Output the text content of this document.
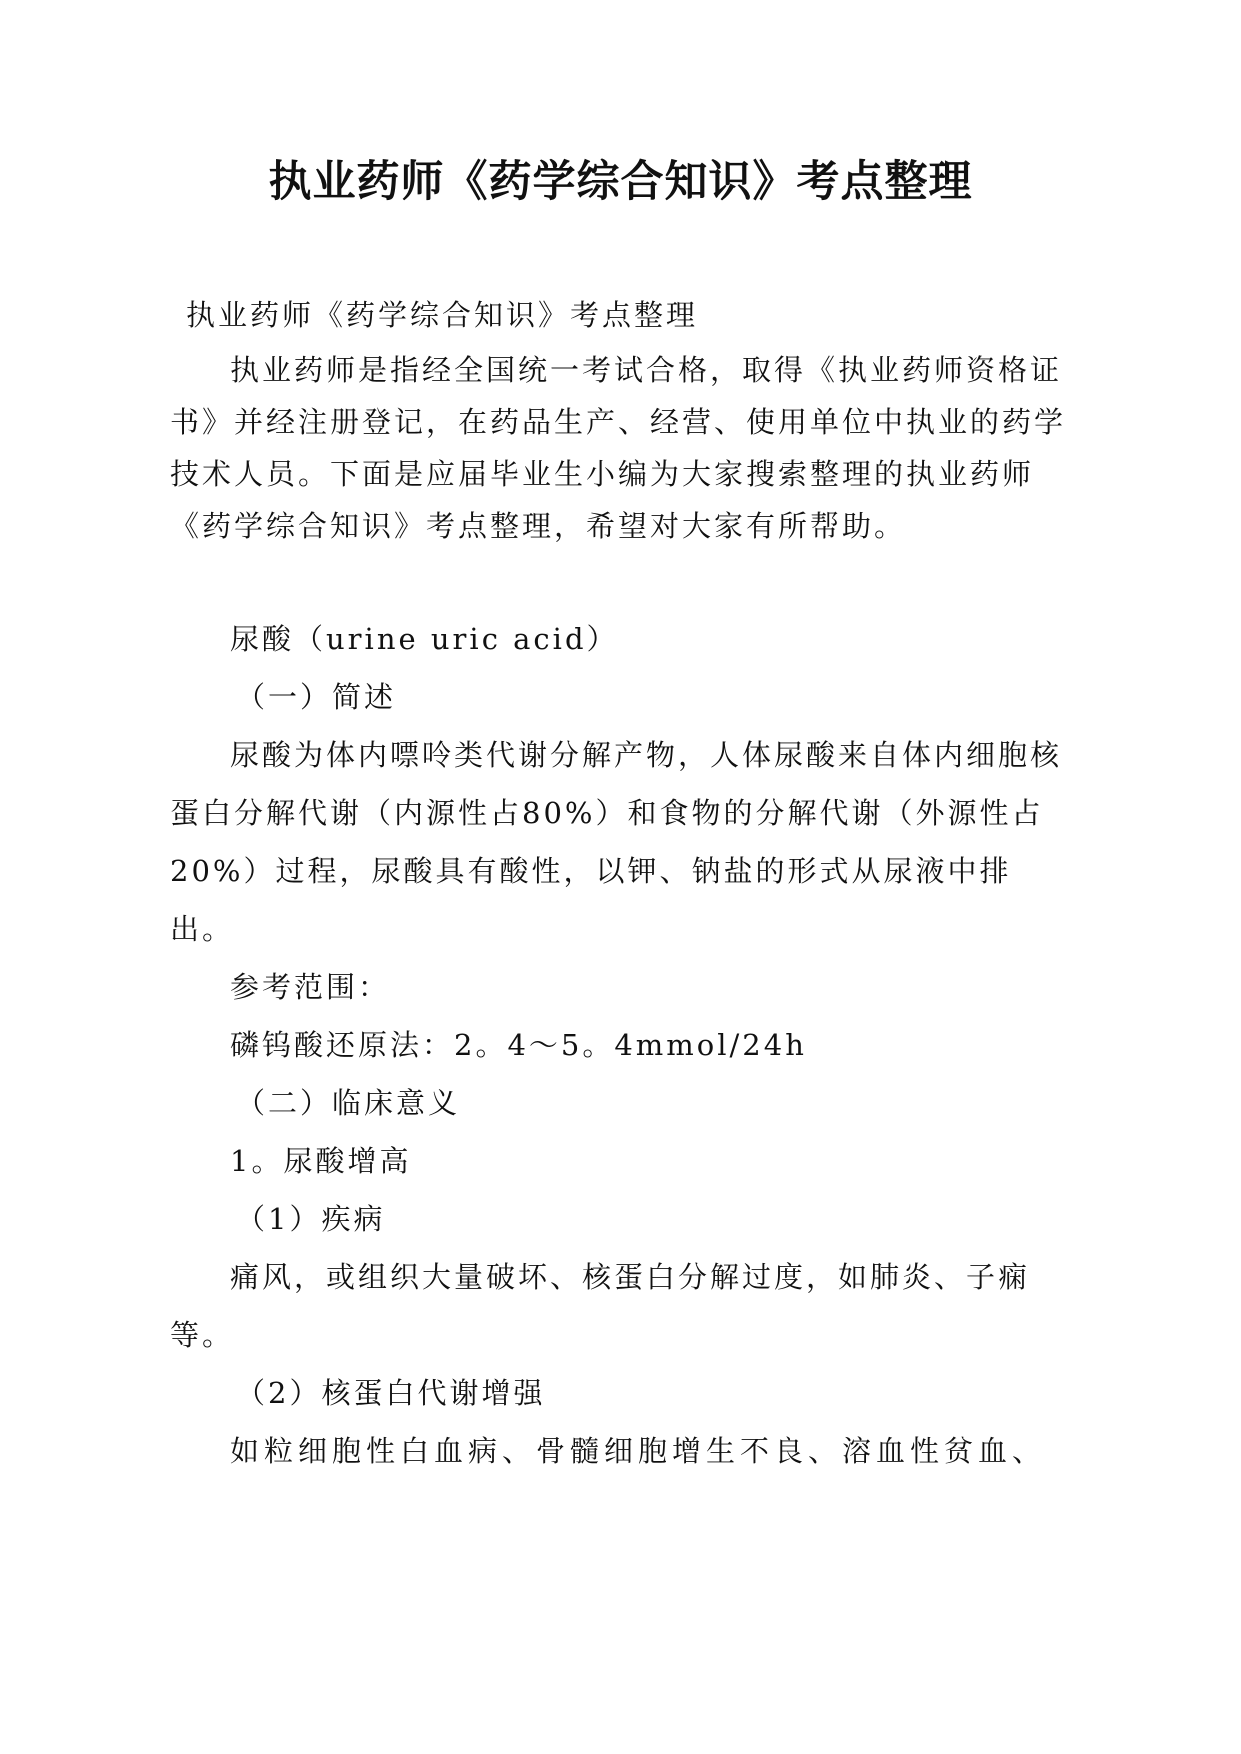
执业药师《药学综合知识》考点整理

执业药师《药学综合知识》考点整理

执业药师是指经全国统一考试合格，取得《执业药师资格证书》并经注册登记，在药品生产、经营、使用单位中执业的药学技术人员。下面是应届毕业生小编为大家搜索整理的执业药师《药学综合知识》考点整理，希望对大家有所帮助。

尿酸（urine uric acid）

（一）简述

尿酸为体内嘌呤类代谢分解产物，人体尿酸来自体内细胞核蛋白分解代谢（内源性占80%）和食物的分解代谢（外源性占20%）过程，尿酸具有酸性，以钾、钠盐的形式从尿液中排出。

参考范围：

磷钨酸还原法：2。4～5。4mmol/24h

（二）临床意义

1。尿酸增高

（1）疾病

痛风，或组织大量破坏、核蛋白分解过度，如肺炎、子痫等。

（2）核蛋白代谢增强

如粒细胞性白血病、骨髓细胞增生不良、溶血性贫血、
